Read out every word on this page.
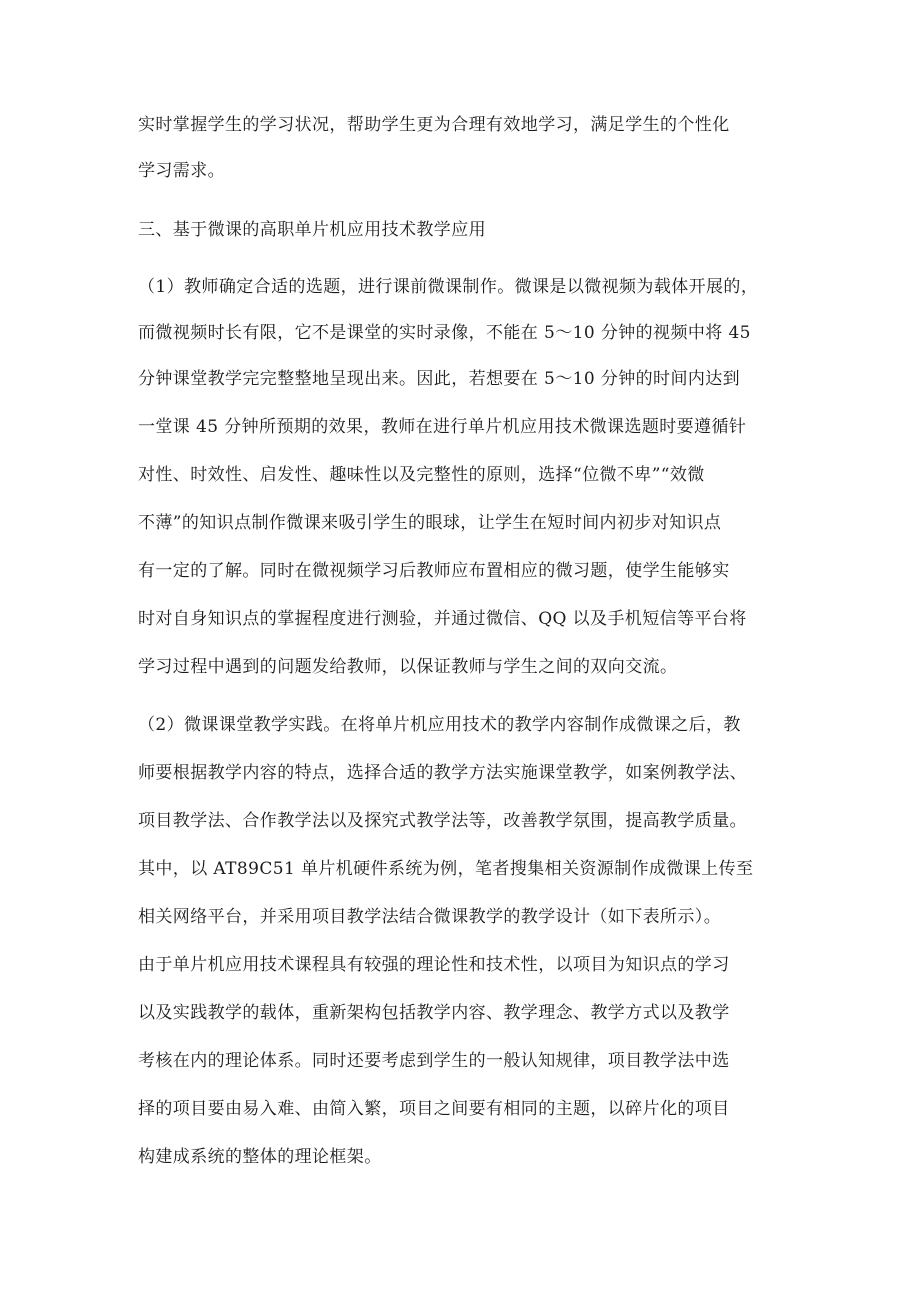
实时掌握学生的学习状况，帮助学生更为合理有效地学习，满足学生的个性化
学习需求。
三、基于微课的高职单片机应用技术教学应用
（1）教师确定合适的选题，进行课前微课制作。微课是以微视频为载体开展的，
而微视频时长有限，它不是课堂的实时录像，不能在 5～10 分钟的视频中将 45
分钟课堂教学完完整整地呈现出来。因此，若想要在 5～10 分钟的时间内达到
一堂课 45 分钟所预期的效果，教师在进行单片机应用技术微课选题时要遵循针
对性、时效性、启发性、趣味性以及完整性的原则，选择“位微不卑”“效微
不薄”的知识点制作微课来吸引学生的眼球，让学生在短时间内初步对知识点
有一定的了解。同时在微视频学习后教师应布置相应的微习题，使学生能够实
时对自身知识点的掌握程度进行测验，并通过微信、QQ 以及手机短信等平台将
学习过程中遇到的问题发给教师，以保证教师与学生之间的双向交流。
（2）微课课堂教学实践。在将单片机应用技术的教学内容制作成微课之后，教
师要根据教学内容的特点，选择合适的教学方法实施课堂教学，如案例教学法、
项目教学法、合作教学法以及探究式教学法等，改善教学氛围，提高教学质量。
其中，以 AT89C51 单片机硬件系统为例，笔者搜集相关资源制作成微课上传至
相关网络平台，并采用项目教学法结合微课教学的教学设计（如下表所示）。
由于单片机应用技术课程具有较强的理论性和技术性，以项目为知识点的学习
以及实践教学的载体，重新架构包括教学内容、教学理念、教学方式以及教学
考核在内的理论体系。同时还要考虑到学生的一般认知规律，项目教学法中选
择的项目要由易入难、由简入繁，项目之间要有相同的主题，以碎片化的项目
构建成系统的整体的理论框架。
